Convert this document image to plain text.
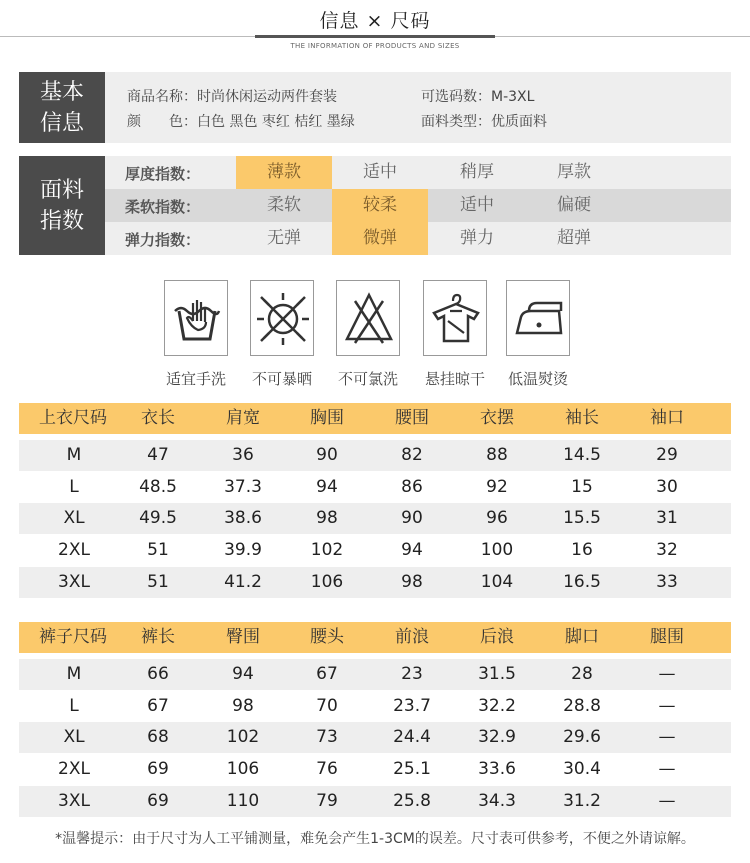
信息 × 尺码
THE INFORMATION OF PRODUCTS AND SIZES
基本
信息
商品名称：时尚休闲运动两件套装	可选码数：M-3XL
颜　　色：白色 黑色 枣红 桔红 墨绿	面料类型：优质面料
面料
指数
厚度指数：	薄款	适中	稍厚	厚款
柔软指数：	柔软	较柔	适中	偏硬
弹力指数：	无弹	微弹	弹力	超弹
适宜手洗	不可暴晒	不可氯洗	悬挂晾干	低温熨烫
上衣尺码	衣长	肩宽	胸围	腰围	衣摆	袖长	袖口
M	47	36	90	82	88	14.5	29
L	48.5	37.3	94	86	92	15	30
XL	49.5	38.6	98	90	96	15.5	31
2XL	51	39.9	102	94	100	16	32
3XL	51	41.2	106	98	104	16.5	33
裤子尺码	裤长	臀围	腰头	前浪	后浪	脚口	腿围
M	66	94	67	23	31.5	28	—
L	67	98	70	23.7	32.2	28.8	—
XL	68	102	73	24.4	32.9	29.6	—
2XL	69	106	76	25.1	33.6	30.4	—
3XL	69	110	79	25.8	34.3	31.2	—
*温馨提示：由于尺寸为人工平铺测量，难免会产生1-3CM的误差。尺寸表可供参考，不便之外请谅解。
